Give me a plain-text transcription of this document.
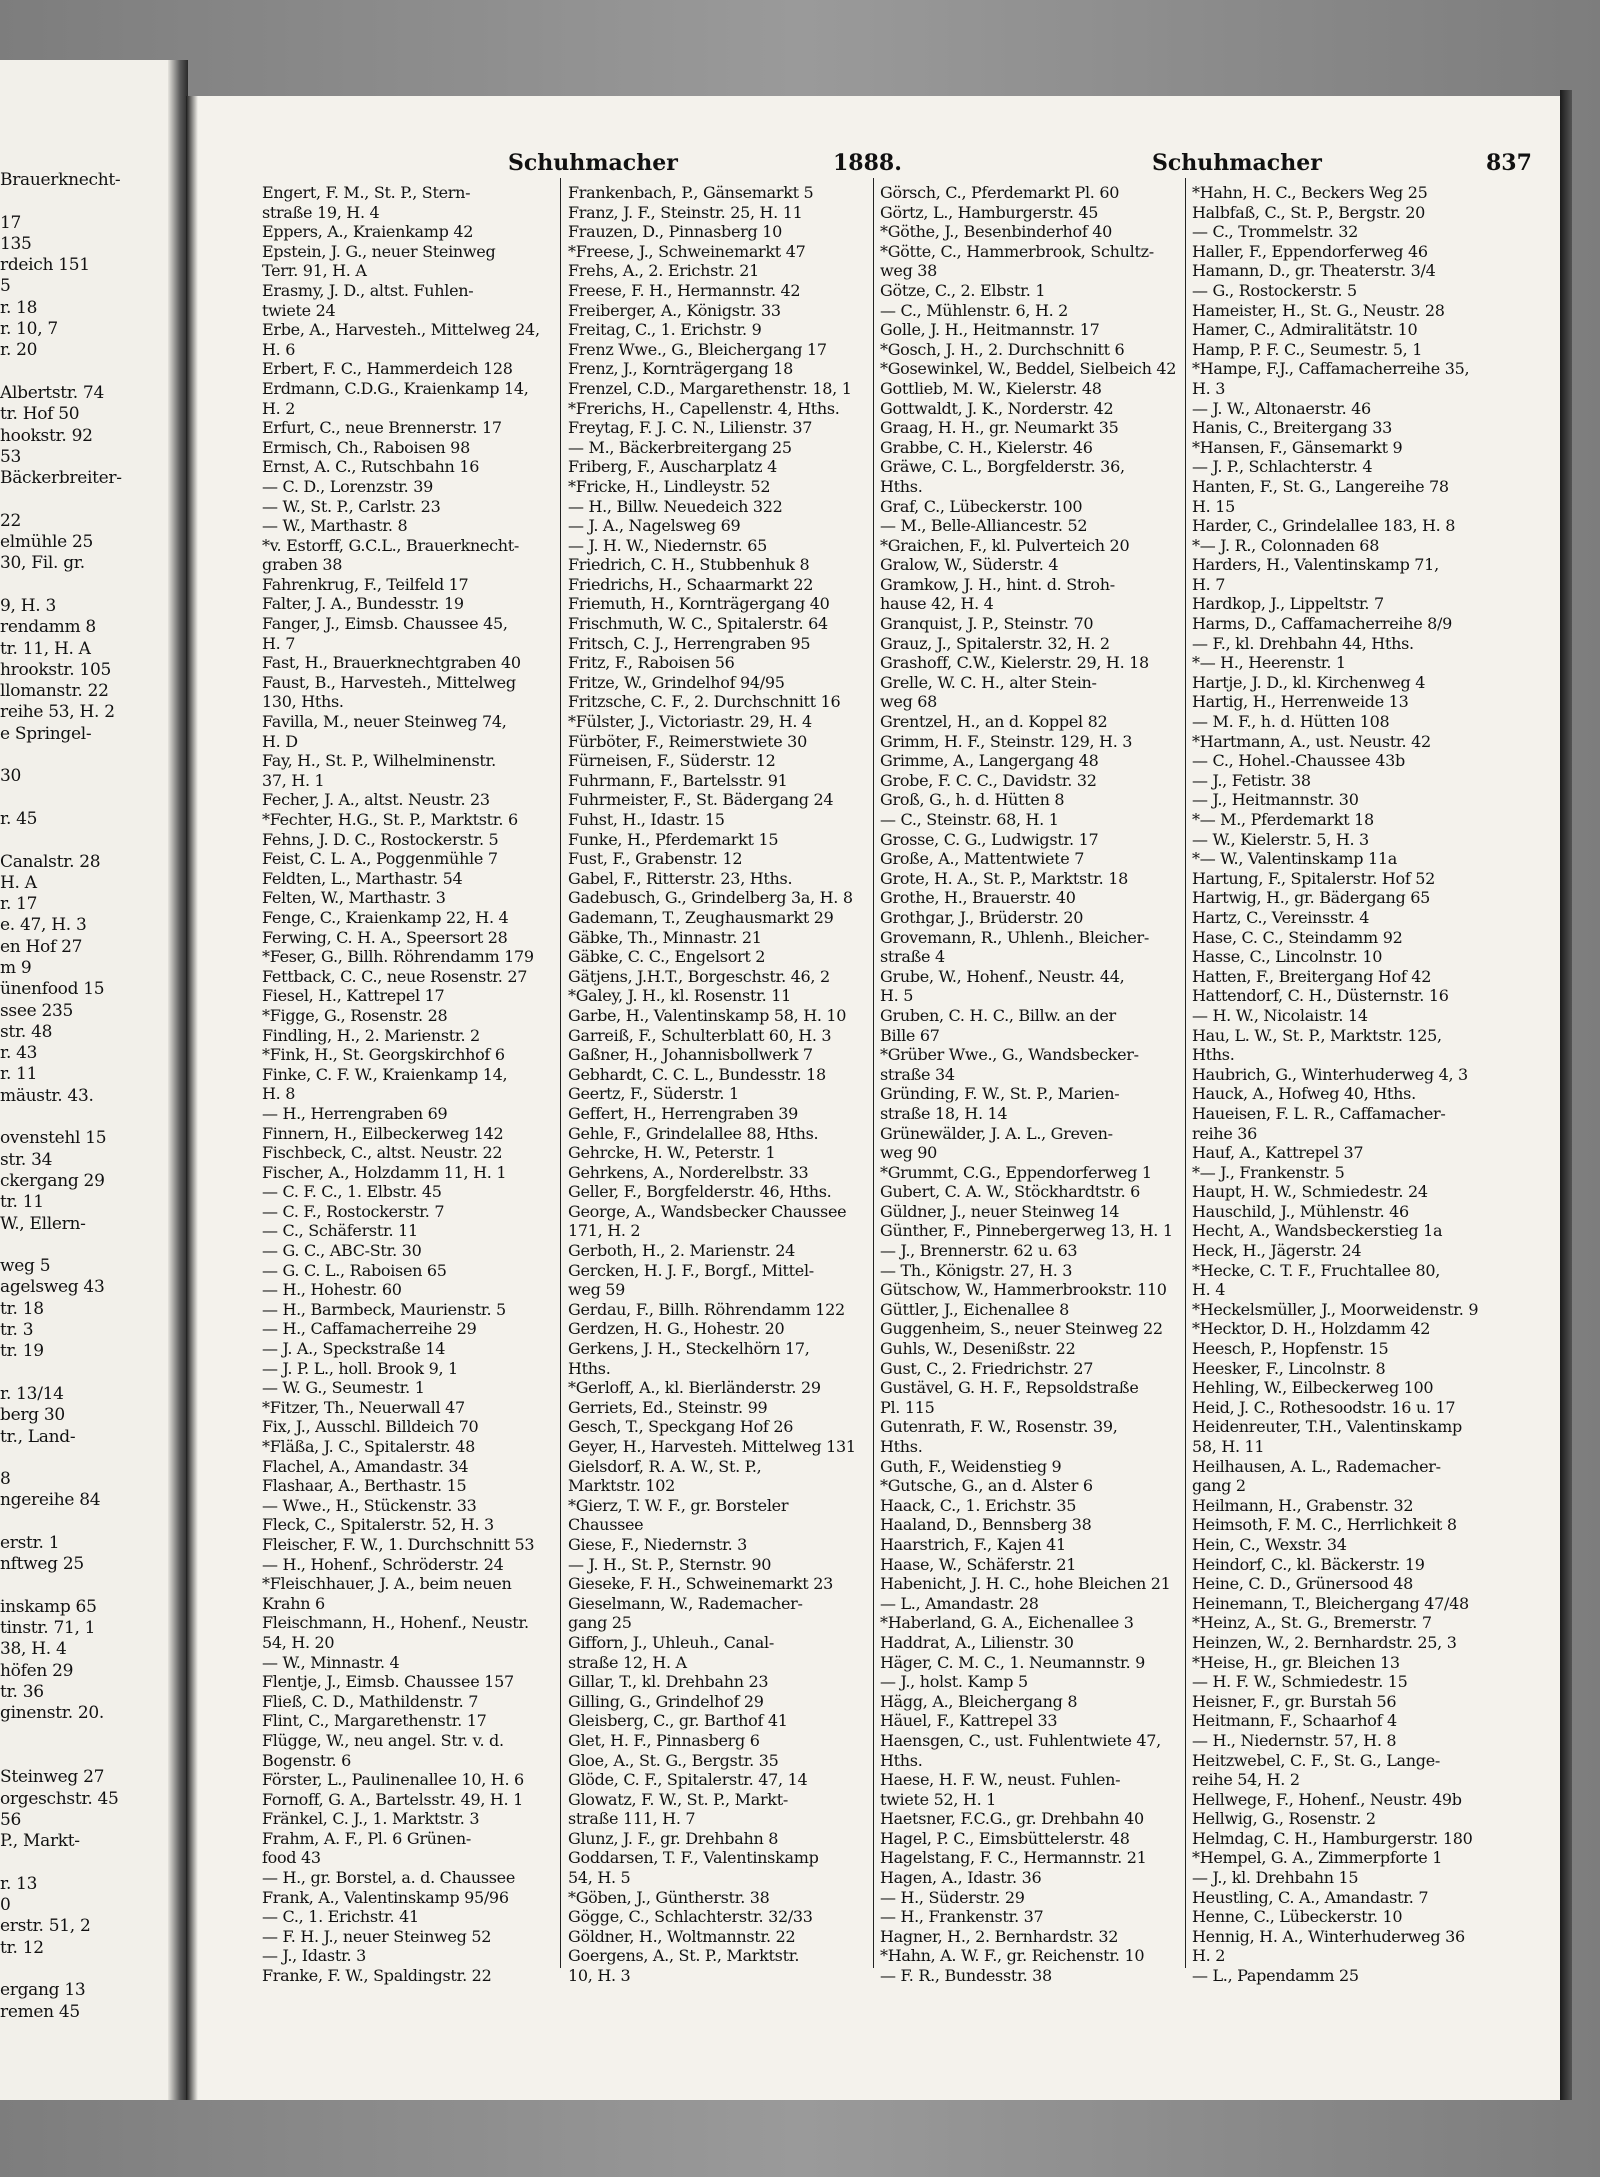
Brauerknecht-
17
135
rdeich 151
5
r. 18
r. 10, 7
r. 20
Albertstr. 74
tr. Hof 50
hookstr. 92
53
Bäckerbreiter-
22
elmühle 25
30, Fil. gr.
9, H. 3
rendamm 8
tr. 11, H. A
hrookstr. 105
llomanstr. 22
reihe 53, H. 2
e Springel-
30
r. 45
Canalstr. 28
H. A
r. 17
e. 47, H. 3
en Hof 27
m 9
ünenfood 15
ssee 235
str. 48
r. 43
r. 11
mäustr. 43.
ovenstehl 15
str. 34
ckergang 29
tr. 11
W., Ellern-
weg 5
agelsweg 43
tr. 18
tr. 3
tr. 19
r. 13/14
berg 30
tr., Land-
8
ngereihe 84
erstr. 1
nftweg 25
inskamp 65
tinstr. 71, 1
38, H. 4
höfen 29
tr. 36
ginenstr. 20.
Steinweg 27
orgeschstr. 45
56
P., Markt-
r. 13
0
erstr. 51, 2
tr. 12
ergang 13
remen 45
Schuhmacher	1888.	Schuhmacher	837
Engert, F. M., St. P., Stern-
straße 19, H. 4
Eppers, A., Kraienkamp 42
Epstein, J. G., neuer Steinweg
Terr. 91, H. A
Erasmy, J. D., altst. Fuhlen-
twiete 24
Erbe, A., Harvesteh., Mittelweg 24,
H. 6
Erbert, F. C., Hammerdeich 128
Erdmann, C.D.G., Kraienkamp 14,
H. 2
Erfurt, C., neue Brennerstr. 17
Ermisch, Ch., Raboisen 98
Ernst, A. C., Rutschbahn 16
— C. D., Lorenzstr. 39
— W., St. P., Carlstr. 23
— W., Marthastr. 8
*v. Estorff, G.C.L., Brauerknecht-
graben 38
Fahrenkrug, F., Teilfeld 17
Falter, J. A., Bundesstr. 19
Fanger, J., Eimsb. Chaussee 45,
H. 7
Fast, H., Brauerknechtgraben 40
Faust, B., Harvesteh., Mittelweg
130, Hths.
Favilla, M., neuer Steinweg 74,
H. D
Fay, H., St. P., Wilhelminenstr.
37, H. 1
Fecher, J. A., altst. Neustr. 23
*Fechter, H.G., St. P., Marktstr. 6
Fehns, J. D. C., Rostockerstr. 5
Feist, C. L. A., Poggenmühle 7
Feldten, L., Marthastr. 54
Felten, W., Marthastr. 3
Fenge, C., Kraienkamp 22, H. 4
Ferwing, C. H. A., Speersort 28
*Feser, G., Billh. Röhrendamm 179
Fettback, C. C., neue Rosenstr. 27
Fiesel, H., Kattrepel 17
*Figge, G., Rosenstr. 28
Findling, H., 2. Marienstr. 2
*Fink, H., St. Georgskirchhof 6
Finke, C. F. W., Kraienkamp 14,
H. 8
— H., Herrengraben 69
Finnern, H., Eilbeckerweg 142
Fischbeck, C., altst. Neustr. 22
Fischer, A., Holzdamm 11, H. 1
— C. F. C., 1. Elbstr. 45
— C. F., Rostockerstr. 7
— C., Schäferstr. 11
— G. C., ABC-Str. 30
— G. C. L., Raboisen 65
— H., Hohestr. 60
— H., Barmbeck, Maurienstr. 5
— H., Caffamacherreihe 29
— J. A., Speckstraße 14
— J. P. L., holl. Brook 9, 1
— W. G., Seumestr. 1
*Fitzer, Th., Neuerwall 47
Fix, J., Ausschl. Billdeich 70
*Fläßa, J. C., Spitalerstr. 48
Flachel, A., Amandastr. 34
Flashaar, A., Berthastr. 15
— Wwe., H., Stückenstr. 33
Fleck, C., Spitalerstr. 52, H. 3
Fleischer, F. W., 1. Durchschnitt 53
— H., Hohenf., Schröderstr. 24
*Fleischhauer, J. A., beim neuen
Krahn 6
Fleischmann, H., Hohenf., Neustr.
54, H. 20
— W., Minnastr. 4
Flentje, J., Eimsb. Chaussee 157
Fließ, C. D., Mathildenstr. 7
Flint, C., Margarethenstr. 17
Flügge, W., neu angel. Str. v. d.
Bogenstr. 6
Förster, L., Paulinenallee 10, H. 6
Fornoff, G. A., Bartelsstr. 49, H. 1
Fränkel, C. J., 1. Marktstr. 3
Frahm, A. F., Pl. 6 Grünen-
food 43
— H., gr. Borstel, a. d. Chaussee
Frank, A., Valentinskamp 95/96
— C., 1. Erichstr. 41
— F. H. J., neuer Steinweg 52
— J., Idastr. 3
Franke, F. W., Spaldingstr. 22
Frankenbach, P., Gänsemarkt 5
Franz, J. F., Steinstr. 25, H. 11
Frauzen, D., Pinnasberg 10
*Freese, J., Schweinemarkt 47
Frehs, A., 2. Erichstr. 21
Freese, F. H., Hermannstr. 42
Freiberger, A., Königstr. 33
Freitag, C., 1. Erichstr. 9
Frenz Wwe., G., Bleichergang 17
Frenz, J., Kornträgergang 18
Frenzel, C.D., Margarethenstr. 18, 1
*Frerichs, H., Capellenstr. 4, Hths.
Freytag, F. J. C. N., Lilienstr. 37
— M., Bäckerbreitergang 25
Friberg, F., Auscharplatz 4
*Fricke, H., Lindleystr. 52
— H., Billw. Neuedeich 322
— J. A., Nagelsweg 69
— J. H. W., Niedernstr. 65
Friedrich, C. H., Stubbenhuk 8
Friedrichs, H., Schaarmarkt 22
Friemuth, H., Kornträgergang 40
Frischmuth, W. C., Spitalerstr. 64
Fritsch, C. J., Herrengraben 95
Fritz, F., Raboisen 56
Fritze, W., Grindelhof 94/95
Fritzsche, C. F., 2. Durchschnitt 16
*Fülster, J., Victoriastr. 29, H. 4
Fürböter, F., Reimerstwiete 30
Fürneisen, F., Süderstr. 12
Fuhrmann, F., Bartelsstr. 91
Fuhrmeister, F., St. Bädergang 24
Fuhst, H., Idastr. 15
Funke, H., Pferdemarkt 15
Fust, F., Grabenstr. 12
Gabel, F., Ritterstr. 23, Hths.
Gadebusch, G., Grindelberg 3a, H. 8
Gademann, T., Zeughausmarkt 29
Gäbke, Th., Minnastr. 21
Gäbke, C. C., Engelsort 2
Gätjens, J.H.T., Borgeschstr. 46, 2
*Galey, J. H., kl. Rosenstr. 11
Garbe, H., Valentinskamp 58, H. 10
Garreiß, F., Schulterblatt 60, H. 3
Gaßner, H., Johannisbollwerk 7
Gebhardt, C. C. L., Bundesstr. 18
Geertz, F., Süderstr. 1
Geffert, H., Herrengraben 39
Gehle, F., Grindelallee 88, Hths.
Gehrcke, H. W., Peterstr. 1
Gehrkens, A., Norderelbstr. 33
Geller, F., Borgfelderstr. 46, Hths.
George, A., Wandsbecker Chaussee
171, H. 2
Gerboth, H., 2. Marienstr. 24
Gercken, H. J. F., Borgf., Mittel-
weg 59
Gerdau, F., Billh. Röhrendamm 122
Gerdzen, H. G., Hohestr. 20
Gerkens, J. H., Steckelhörn 17,
Hths.
*Gerloff, A., kl. Bierländerstr. 29
Gerriets, Ed., Steinstr. 99
Gesch, T., Speckgang Hof 26
Geyer, H., Harvesteh. Mittelweg 131
Gielsdorf, R. A. W., St. P.,
Marktstr. 102
*Gierz, T. W. F., gr. Borsteler
Chaussee
Giese, F., Niedernstr. 3
— J. H., St. P., Sternstr. 90
Gieseke, F. H., Schweinemarkt 23
Gieselmann, W., Rademacher-
gang 25
Gifforn, J., Uhleuh., Canal-
straße 12, H. A
Gillar, T., kl. Drehbahn 23
Gilling, G., Grindelhof 29
Gleisberg, C., gr. Barthof 41
Glet, H. F., Pinnasberg 6
Gloe, A., St. G., Bergstr. 35
Glöde, C. F., Spitalerstr. 47, 14
Glowatz, F. W., St. P., Markt-
straße 111, H. 7
Glunz, J. F., gr. Drehbahn 8
Goddarsen, T. F., Valentinskamp
54, H. 5
*Göben, J., Güntherstr. 38
Gögge, C., Schlachterstr. 32/33
Göldner, H., Woltmannstr. 22
Goergens, A., St. P., Marktstr.
10, H. 3
Görsch, C., Pferdemarkt Pl. 60
Görtz, L., Hamburgerstr. 45
*Göthe, J., Besenbinderhof 40
*Götte, C., Hammerbrook, Schultz-
weg 38
Götze, C., 2. Elbstr. 1
— C., Mühlenstr. 6, H. 2
Golle, J. H., Heitmannstr. 17
*Gosch, J. H., 2. Durchschnitt 6
*Gosewinkel, W., Beddel, Sielbeich 42
Gottlieb, M. W., Kielerstr. 48
Gottwaldt, J. K., Norderstr. 42
Graag, H. H., gr. Neumarkt 35
Grabbe, C. H., Kielerstr. 46
Gräwe, C. L., Borgfelderstr. 36,
Hths.
Graf, C., Lübeckerstr. 100
— M., Belle-Alliancestr. 52
*Graichen, F., kl. Pulverteich 20
Gralow, W., Süderstr. 4
Gramkow, J. H., hint. d. Stroh-
hause 42, H. 4
Granquist, J. P., Steinstr. 70
Grauz, J., Spitalerstr. 32, H. 2
Grashoff, C.W., Kielerstr. 29, H. 18
Grelle, W. C. H., alter Stein-
weg 68
Grentzel, H., an d. Koppel 82
Grimm, H. F., Steinstr. 129, H. 3
Grimme, A., Langergang 48
Grobe, F. C. C., Davidstr. 32
Groß, G., h. d. Hütten 8
— C., Steinstr. 68, H. 1
Grosse, C. G., Ludwigstr. 17
Große, A., Mattentwiete 7
Grote, H. A., St. P., Marktstr. 18
Grothe, H., Brauerstr. 40
Grothgar, J., Brüderstr. 20
Grovemann, R., Uhlenh., Bleicher-
straße 4
Grube, W., Hohenf., Neustr. 44,
H. 5
Gruben, C. H. C., Billw. an der
Bille 67
*Grüber Wwe., G., Wandsbecker-
straße 34
Gründing, F. W., St. P., Marien-
straße 18, H. 14
Grünewälder, J. A. L., Greven-
weg 90
*Grummt, C.G., Eppendorferweg 1
Gubert, C. A. W., Stöckhardtstr. 6
Güldner, J., neuer Steinweg 14
Günther, F., Pinnebergerweg 13, H. 1
— J., Brennerstr. 62 u. 63
— Th., Königstr. 27, H. 3
Gütschow, W., Hammerbrookstr. 110
Güttler, J., Eichenallee 8
Guggenheim, S., neuer Steinweg 22
Guhls, W., Desenißstr. 22
Gust, C., 2. Friedrichstr. 27
Gustävel, G. H. F., Repsoldstraße
Pl. 115
Gutenrath, F. W., Rosenstr. 39,
Hths.
Guth, F., Weidenstieg 9
*Gutsche, G., an d. Alster 6
Haack, C., 1. Erichstr. 35
Haaland, D., Bennsberg 38
Haarstrich, F., Kajen 41
Haase, W., Schäferstr. 21
Habenicht, J. H. C., hohe Bleichen 21
— L., Amandastr. 28
*Haberland, G. A., Eichenallee 3
Haddrat, A., Lilienstr. 30
Häger, C. M. C., 1. Neumannstr. 9
— J., holst. Kamp 5
Hägg, A., Bleichergang 8
Häuel, F., Kattrepel 33
Haensgen, C., ust. Fuhlentwiete 47,
Hths.
Haese, H. F. W., neust. Fuhlen-
twiete 52, H. 1
Haetsner, F.C.G., gr. Drehbahn 40
Hagel, P. C., Eimsbüttelerstr. 48
Hagelstang, F. C., Hermannstr. 21
Hagen, A., Idastr. 36
— H., Süderstr. 29
— H., Frankenstr. 37
Hagner, H., 2. Bernhardstr. 32
*Hahn, A. W. F., gr. Reichenstr. 10
— F. R., Bundesstr. 38
*Hahn, H. C., Beckers Weg 25
Halbfaß, C., St. P., Bergstr. 20
— C., Trommelstr. 32
Haller, F., Eppendorferweg 46
Hamann, D., gr. Theaterstr. 3/4
— G., Rostockerstr. 5
Hameister, H., St. G., Neustr. 28
Hamer, C., Admiralitätstr. 10
Hamp, P. F. C., Seumestr. 5, 1
*Hampe, F.J., Caffamacherreihe 35,
H. 3
— J. W., Altonaerstr. 46
Hanis, C., Breitergang 33
*Hansen, F., Gänsemarkt 9
— J. P., Schlachterstr. 4
Hanten, F., St. G., Langereihe 78
H. 15
Harder, C., Grindelallee 183, H. 8
*— J. R., Colonnaden 68
Harders, H., Valentinskamp 71,
H. 7
Hardkop, J., Lippeltstr. 7
Harms, D., Caffamacherreihe 8/9
— F., kl. Drehbahn 44, Hths.
*— H., Heerenstr. 1
Hartje, J. D., kl. Kirchenweg 4
Hartig, H., Herrenweide 13
— M. F., h. d. Hütten 108
*Hartmann, A., ust. Neustr. 42
— C., Hohel.-Chaussee 43b
— J., Fetistr. 38
— J., Heitmannstr. 30
*— M., Pferdemarkt 18
— W., Kielerstr. 5, H. 3
*— W., Valentinskamp 11a
Hartung, F., Spitalerstr. Hof 52
Hartwig, H., gr. Bädergang 65
Hartz, C., Vereinsstr. 4
Hase, C. C., Steindamm 92
Hasse, C., Lincolnstr. 10
Hatten, F., Breitergang Hof 42
Hattendorf, C. H., Düsternstr. 16
— H. W., Nicolaistr. 14
Hau, L. W., St. P., Marktstr. 125,
Hths.
Haubrich, G., Winterhuderweg 4, 3
Hauck, A., Hofweg 40, Hths.
Haueisen, F. L. R., Caffamacher-
reihe 36
Hauf, A., Kattrepel 37
*— J., Frankenstr. 5
Haupt, H. W., Schmiedestr. 24
Hauschild, J., Mühlenstr. 46
Hecht, A., Wandsbeckerstieg 1a
Heck, H., Jägerstr. 24
*Hecke, C. T. F., Fruchtallee 80,
H. 4
*Heckelsmüller, J., Moorweidenstr. 9
*Hecktor, D. H., Holzdamm 42
Heesch, P., Hopfenstr. 15
Heesker, F., Lincolnstr. 8
Hehling, W., Eilbeckerweg 100
Heid, J. C., Rothesoodstr. 16 u. 17
Heidenreuter, T.H., Valentinskamp
58, H. 11
Heilhausen, A. L., Rademacher-
gang 2
Heilmann, H., Grabenstr. 32
Heimsoth, F. M. C., Herrlichkeit 8
Hein, C., Wexstr. 34
Heindorf, C., kl. Bäckerstr. 19
Heine, C. D., Grünersood 48
Heinemann, T., Bleichergang 47/48
*Heinz, A., St. G., Bremerstr. 7
Heinzen, W., 2. Bernhardstr. 25, 3
*Heise, H., gr. Bleichen 13
— H. F. W., Schmiedestr. 15
Heisner, F., gr. Burstah 56
Heitmann, F., Schaarhof 4
— H., Niedernstr. 57, H. 8
Heitzwebel, C. F., St. G., Lange-
reihe 54, H. 2
Hellwege, F., Hohenf., Neustr. 49b
Hellwig, G., Rosenstr. 2
Helmdag, C. H., Hamburgerstr. 180
*Hempel, G. A., Zimmerpforte 1
— J., kl. Drehbahn 15
Heustling, C. A., Amandastr. 7
Henne, C., Lübeckerstr. 10
Hennig, H. A., Winterhuderweg 36
H. 2
— L., Papendamm 25
